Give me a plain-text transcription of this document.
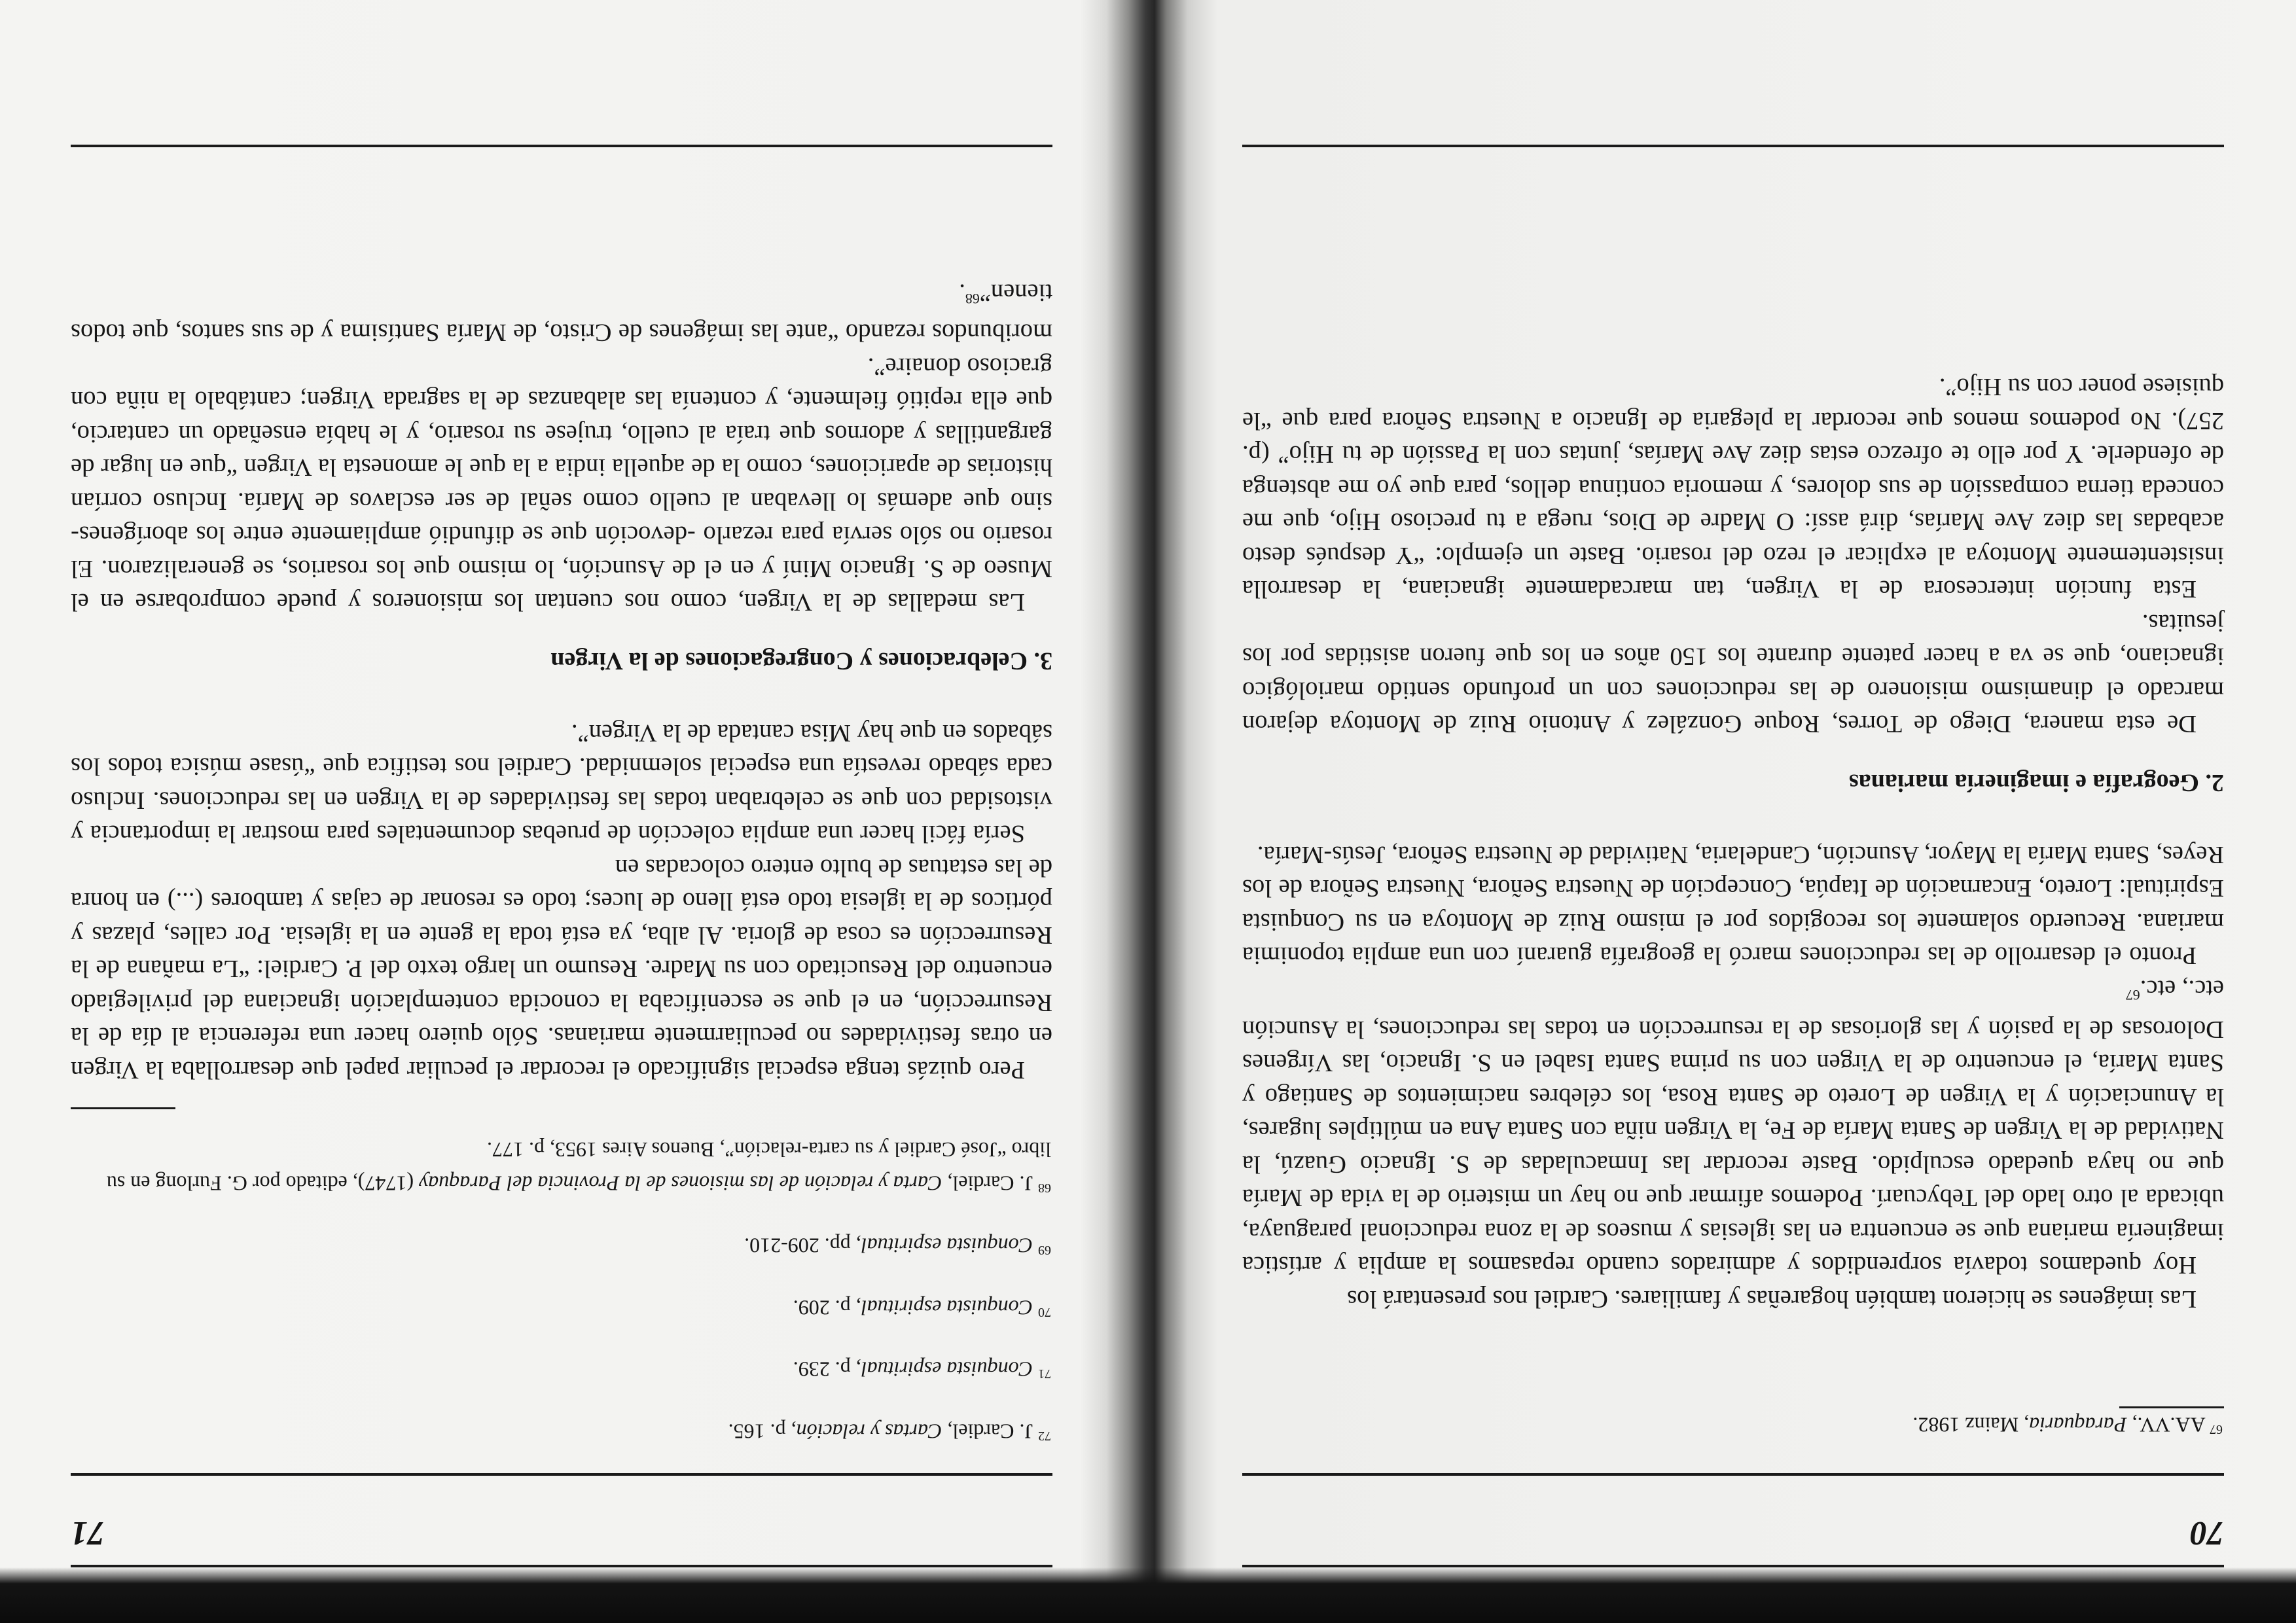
70

$^{67}$ AA.VV., Paraquaria, Mainz 1982.

Las imágenes se hicieron también hogareñas y familiares. Cardiel nos presentará los

Hoy quedamos todavía sorprendidos y admirados cuando repasamos la amplia y artística imaginería mariana que se encuentra en las iglesias y museos de la zona reduccional paraguaya, ubicada al otro lado del Tebycuarí. Podemos afirmar que no hay un misterio de la vida de María que no haya quedado esculpido. Baste recordar las Inmaculadas de S. Ignacio Guazú, la Natividad de la Virgen de Santa María de Fe, la Virgen niña con Santa Ana en múltiples lugares, la Anunciación y la Virgen de Loreto de Santa Rosa, los célebres nacimientos de Santiago y Santa María, el encuentro de la Virgen con su prima Santa Isabel en S. Ignacio, las Vírgenes Dolorosas de la pasión y las gloriosas de la resurrección en todas las reducciones, la Asunción etc., etc.$^{67}$

Pronto el desarrollo de las reducciones marcó la geografía guaraní con una amplia toponimia mariana. Recuerdo solamente los recogidos por el mismo Ruiz de Montoya en su Conquista Espiritual: Loreto, Encarnación de Itapúa, Concepción de Nuestra Señora, Nuestra Señora de los Reyes, Santa María la Mayor, Asunción, Candelaria, Natividad de Nuestra Señora, Jesús-María.

2. Geografía e imaginería marianas

De esta manera, Diego de Torres, Roque González y Antonio Ruiz de Montoya dejaron marcado el dinamismo misionero de las reducciones con un profundo sentido mariológico ignaciano, que se va a hacer patente durante los 150 años en los que fueron asistidas por los jesuitas.

Esta función intercesora de la Virgen, tan marcadamente ignaciana, la desarrolla insistentemente Montoya al explicar el rezo del rosario. Baste un ejemplo: “Y después desto acabadas las diez Ave Marías, dirá assí: O Madre de Dios, ruega a tu precioso Hijo, que me conceda tierna compassión de sus dolores, y memoria continua dellos, para que yo me abstenga de ofenderle. Y por ello te ofrezco estas diez Ave Marías, juntas con la Passión de tu Hijo” (p. 257). No podemos menos que recordar la plegaria de Ignacio a Nuestra Señora para que “le quisiese poner con su Hijo”.

71

$^{72}$ J. Cardiel, Cartas y relación, p. 165.

$^{71}$ Conquista espiritual, p. 239.

$^{70}$ Conquista espiritual, p. 209.

$^{69}$ Conquista espiritual, pp. 209-210.

$^{68}$ J. Cardiel, Carta y relación de las misiones de la Provincia del Paraquay (1747), editado por G. Furlong en su libro “José Cardiel y su carta-relación”, Buenos Aires 1953, p. 177.

Pero quizás tenga especial significado el recordar el peculiar papel que desarrollaba la Virgen en otras festividades no peculiarmente marianas. Sólo quiero hacer una referencia al día de la Resurrección, en el que se escenificaba la conocida contemplación ignaciana del privilegiado encuentro del Resucitado con su Madre. Resumo un largo texto del P. Cardiel: “La mañana de la Resurrección es cosa de gloria. Al alba, ya está toda la gente en la iglesia. Por calles, plazas y pórticos de la iglesia todo está lleno de luces; todo es resonar de cajas y tambores (...) en honra de las estatuas de bulto entero colocadas en

Sería fácil hacer una amplia colección de pruebas documentales para mostrar la importancia y vistosidad con que se celebraban todas las festividades de la Virgen en las reducciones. Incluso cada sábado revestía una especial solemnidad. Cardiel nos testifica que “úsase música todos los sábados en que hay Misa cantada de la Virgen”.

3. Celebraciones y Congregaciones de la Virgen

Las medallas de la Virgen, como nos cuentan los misioneros y puede comprobarse en el Museo de S. Ignacio Miní y en el de Asunción, lo mismo que los rosarios, se generalizaron. El rosario no sólo servía para rezarlo -devoción que se difundió ampliamente entre los aborígenes-sino que además lo llevaban al cuello como señal de ser esclavos de María. Incluso corrían historias de apariciones, como la de aquella india a la que le amonesta la Virgen “que en lugar de gargantillas y adornos que traía al cuello, trujese su rosario, y le había enseñado un cantarcio, que ella repitió fielmente, y contenía las alabanzas de la sagrada Virgen; cantábalo la niña con gracioso donaire”.

moribundos rezando “ante las imágenes de Cristo, de María Santísima y de sus santos, que todos tienen”$^{68}$.
